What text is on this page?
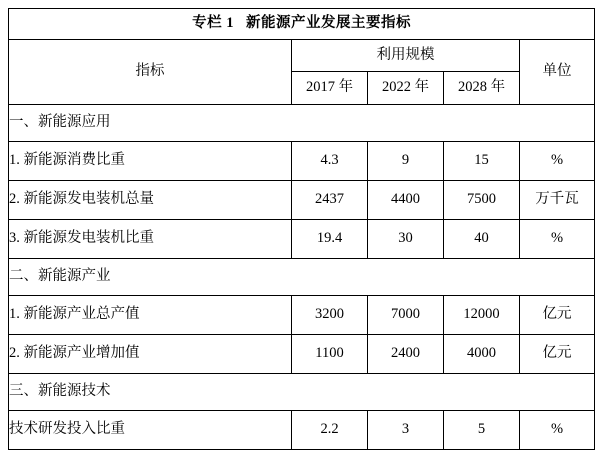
专栏 1 新能源产业发展主要指标				
指标	利用规模			单位
	2017 年	2022 年	2028 年	
一、新能源应用				
1. 新能源消费比重	4.3	9	15	%
2. 新能源发电装机总量	2437	4400	7500	万千瓦
3. 新能源发电装机比重	19.4	30	40	%
二、新能源产业				
1. 新能源产业总产值	3200	7000	12000	亿元
2. 新能源产业增加值	1100	2400	4000	亿元
三、新能源技术				
技术研发投入比重	2.2	3	5	%
